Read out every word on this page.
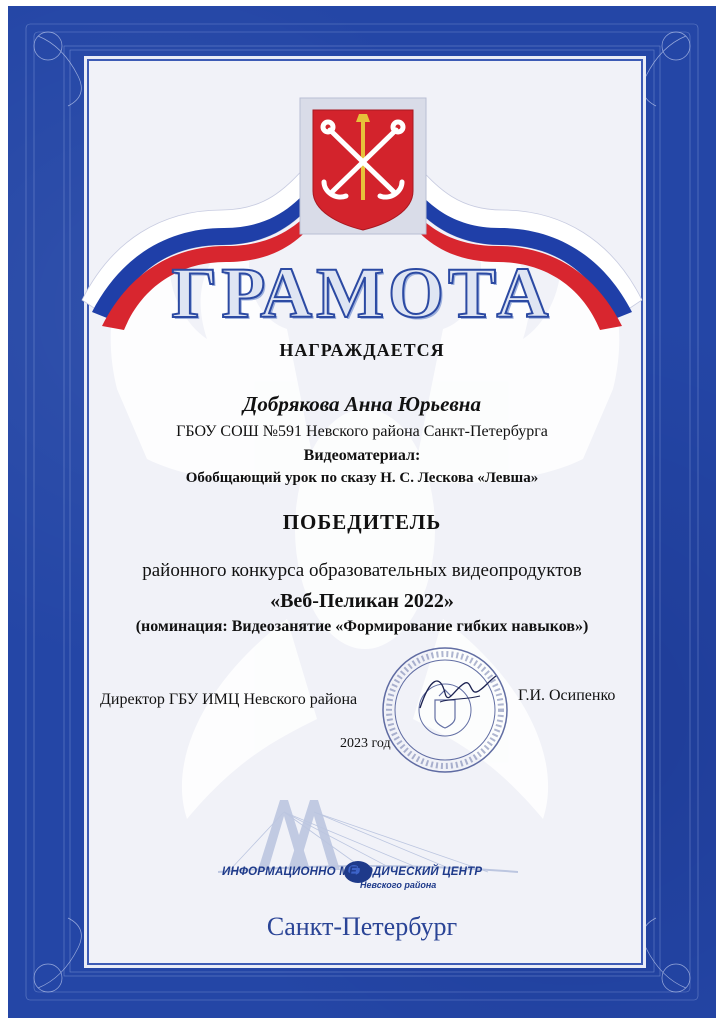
ГРАМОТА
НАГРАЖДАЕТСЯ
Добрякова Анна Юрьевна
ГБОУ СОШ №591 Невского района Санкт-Петербурга
Видеоматериал:
Обобщающий урок по сказу Н. С. Лескова «Левша»
ПОБЕДИТЕЛЬ
районного конкурса образовательных видеопродуктов
«Веб-Пеликан 2022»
(номинация: Видеозанятие «Формирование гибких навыков»)
Директор ГБУ ИМЦ Невского района	Г.И. Осипенко
2023 год
ИНФОРМАЦИОННО МЕТОДИЧЕСКИЙ ЦЕНТР
Невского района
Санкт-Петербург
